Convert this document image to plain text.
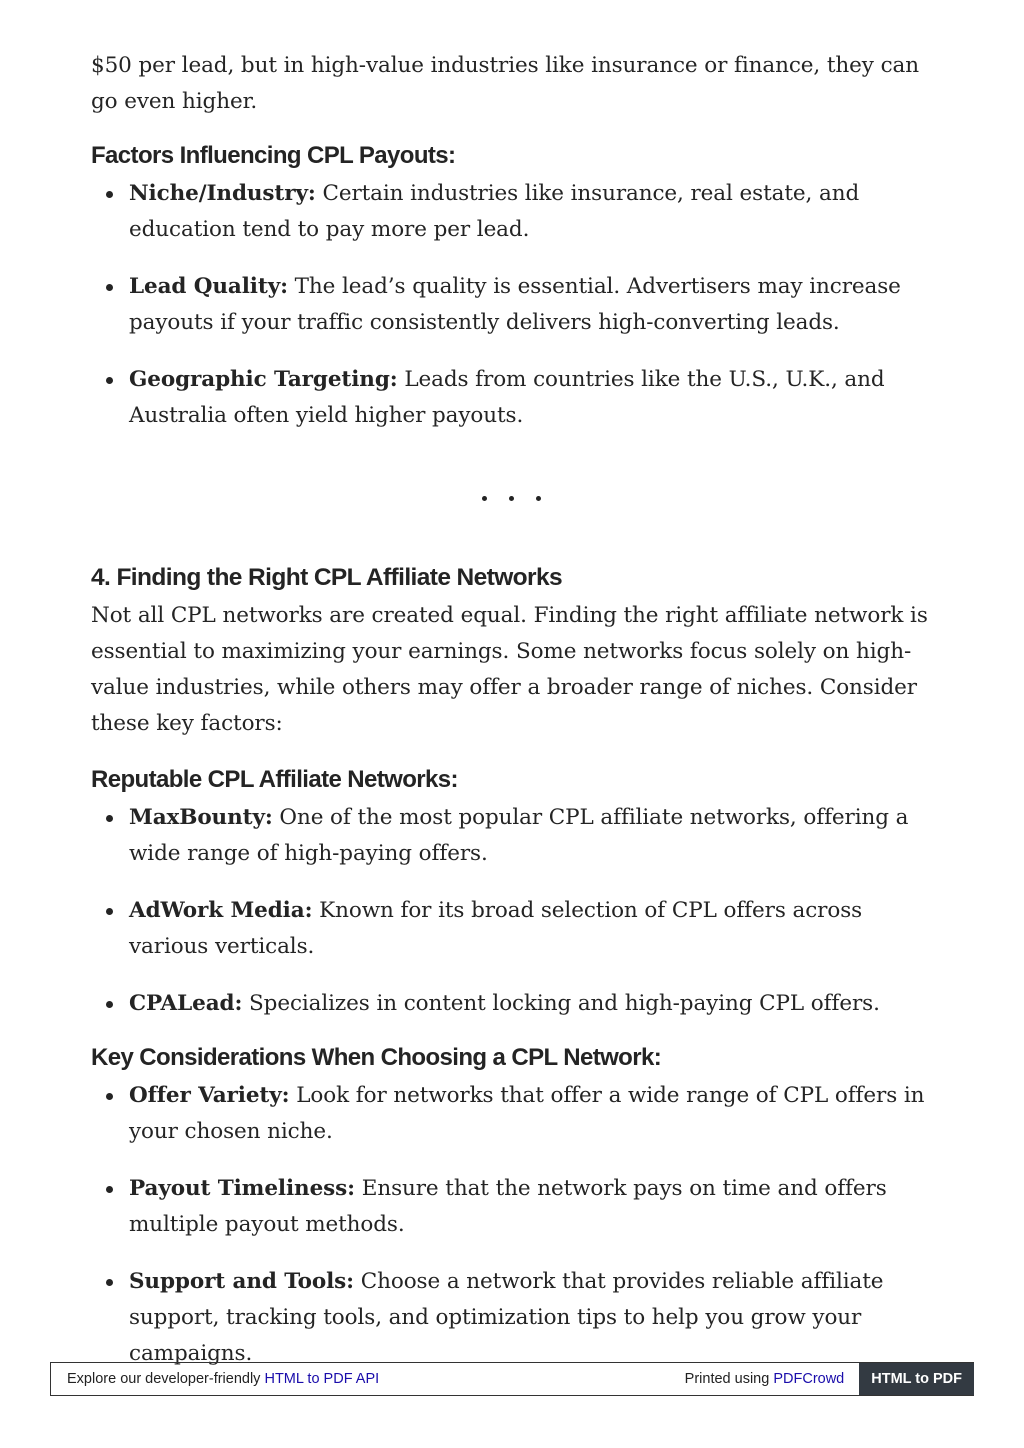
$50 per lead, but in high-value industries like insurance or finance, they can go even higher.

Factors Influencing CPL Payouts:
Niche/Industry: Certain industries like insurance, real estate, and education tend to pay more per lead.
Lead Quality: The lead’s quality is essential. Advertisers may increase payouts if your traffic consistently delivers high-converting leads.
Geographic Targeting: Leads from countries like the U.S., U.K., and Australia often yield higher payouts.
4. Finding the Right CPL Affiliate Networks

Not all CPL networks are created equal. Finding the right affiliate network is essential to maximizing your earnings. Some networks focus solely on high-value industries, while others may offer a broader range of niches. Consider these key factors:

Reputable CPL Affiliate Networks:
MaxBounty: One of the most popular CPL affiliate networks, offering a wide range of high-paying offers.
AdWork Media: Known for its broad selection of CPL offers across various verticals.
CPALead: Specializes in content locking and high-paying CPL offers.
Key Considerations When Choosing a CPL Network:
Offer Variety: Look for networks that offer a wide range of CPL offers in your chosen niche.
Payout Timeliness: Ensure that the network pays on time and offers multiple payout methods.
Support and Tools: Choose a network that provides reliable affiliate support, tracking tools, and optimization tips to help you grow your campaigns.
Explore our developer-friendly HTML to PDF API	Printed using PDFCrowd	HTML to PDF
